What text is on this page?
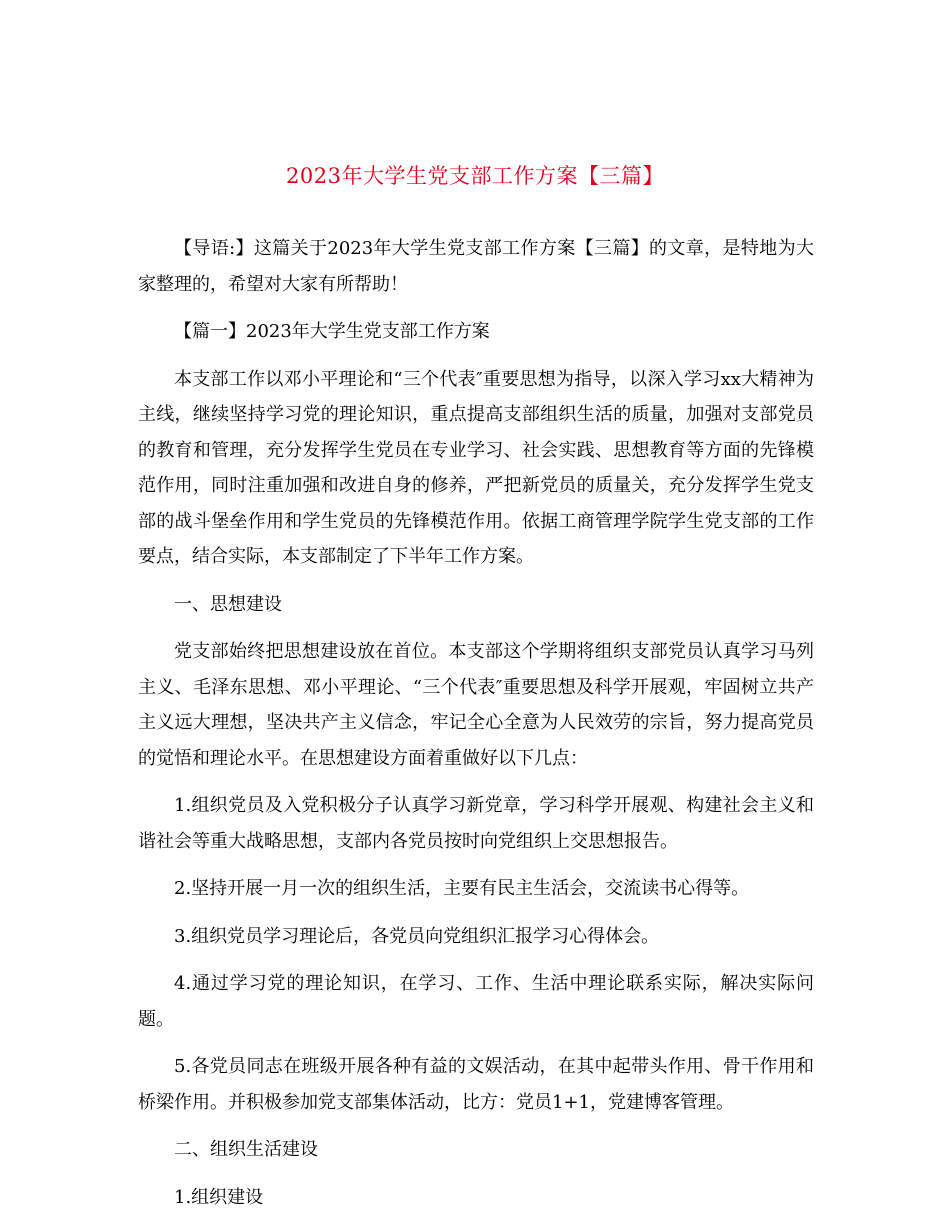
2023年大学生党支部工作方案【三篇】

【导语:】这篇关于2023年大学生党支部工作方案【三篇】的文章，是特地为大家整理的，希望对大家有所帮助！

【篇一】2023年大学生党支部工作方案

本支部工作以邓小平理论和“三个代表″重要思想为指导，以深入学习xx大精神为主线，继续坚持学习党的理论知识，重点提高支部组织生活的质量，加强对支部党员的教育和管理，充分发挥学生党员在专业学习、社会实践、思想教育等方面的先锋模范作用，同时注重加强和改进自身的修养，严把新党员的质量关，充分发挥学生党支部的战斗堡垒作用和学生党员的先锋模范作用。依据工商管理学院学生党支部的工作要点，结合实际，本支部制定了下半年工作方案。

一、思想建设

党支部始终把思想建设放在首位。本支部这个学期将组织支部党员认真学习马列主义、毛泽东思想、邓小平理论、“三个代表″重要思想及科学开展观，牢固树立共产主义远大理想，坚决共产主义信念，牢记全心全意为人民效劳的宗旨，努力提高党员的觉悟和理论水平。在思想建设方面着重做好以下几点：

1.组织党员及入党积极分子认真学习新党章，学习科学开展观、构建社会主义和谐社会等重大战略思想，支部内各党员按时向党组织上交思想报告。

2.坚持开展一月一次的组织生活，主要有民主生活会，交流读书心得等。

3.组织党员学习理论后，各党员向党组织汇报学习心得体会。

4.通过学习党的理论知识，在学习、工作、生活中理论联系实际，解决实际问题。

5.各党员同志在班级开展各种有益的文娱活动，在其中起带头作用、骨干作用和桥梁作用。并积极参加党支部集体活动，比方：党员1+1，党建博客管理。

二、组织生活建设

1.组织建设
